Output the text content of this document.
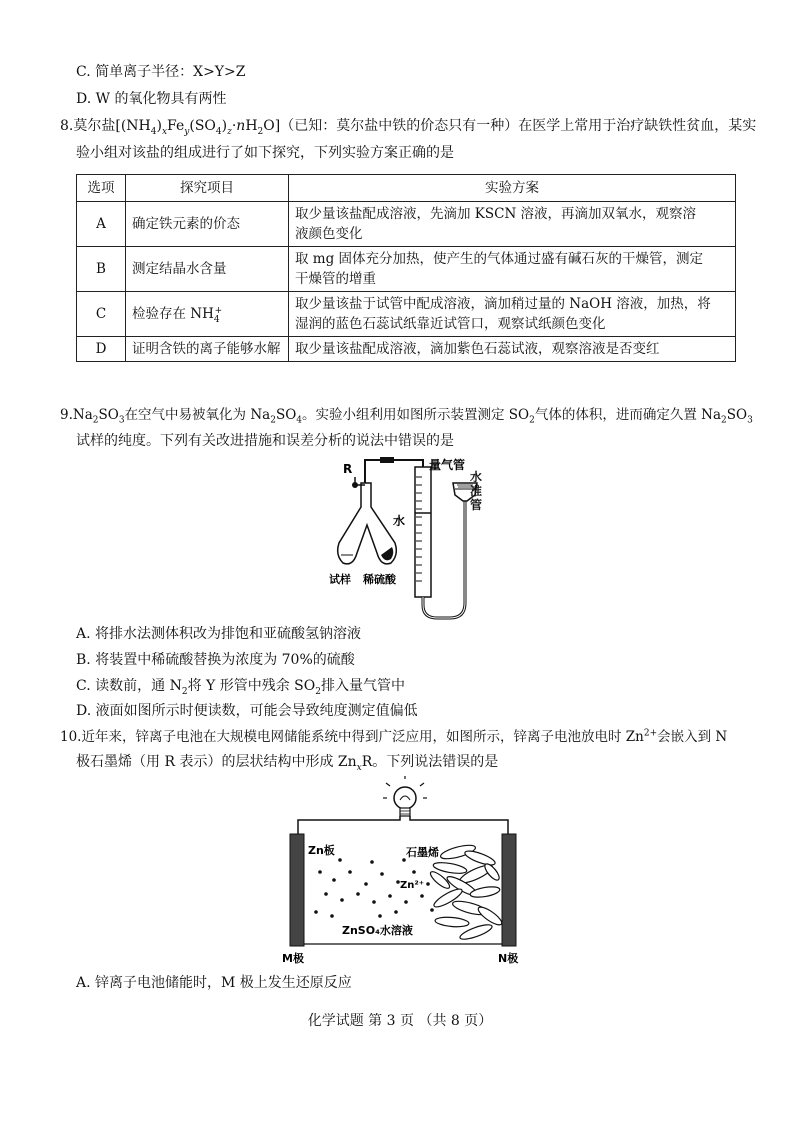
C. 简单离子半径：X>Y>Z
D. W 的氧化物具有两性
8.莫尔盐$[(NH_4)_xFe_y(SO_4)_z\cdot nH_2O]$（已知：莫尔盐中铁的价态只有一种）在医学上常用于治疗缺铁性贫血，某实
验小组对该盐的组成进行了如下探究，下列实验方案正确的是
选项	探究项目	实验方案
A	确定铁元素的价态	取少量该盐配成溶液，先滴加 KSCN 溶液，再滴加双氧水，观察溶
液颜色变化

B	测定结晶水含量	取 mg 固体充分加热，使产生的气体通过盛有碱石灰的干燥管，测定
干燥管的增重

C	检验存在 $NH_4^+$	取少量该盐于试管中配成溶液，滴加稍过量的 NaOH 溶液，加热，将
湿润的蓝色石蕊试纸靠近试管口，观察试纸颜色变化

D	证明含铁的离子能够水解	取少量该盐配成溶液，滴加紫色石蕊试液，观察溶液是否变红
$9.Na_2SO_3$在空气中易被氧化为 $Na_2SO_4$。实验小组利用如图所示装置测定 $SO_2$气体的体积，进而确定久置 $Na_2SO_3$
试样的纯度。下列有关改进措施和误差分析的说法中错误的是
R	量气管
水
试样 稀硫酸
水准管
A. 将排水法测体积改为排饱和亚硫酸氢钠溶液
B. 将装置中稀硫酸替换为浓度为 70%的硫酸
C. 读数前，通 $N_2$将 Y 形管中残余 $SO_2$排入量气管中
D. 液面如图所示时便读数，可能会导致纯度测定值偏低
10.近年来，锌离子电池在大规模电网储能系统中得到广泛应用，如图所示，锌离子电池放电时 $Zn^{2+}$会嵌入到 N
极石墨烯（用 R 表示）的层状结构中形成 $Zn_xR$。下列说法错误的是
Zn板	石墨烯
Zn²⁺
ZnSO₄水溶液
M极	N极
A. 锌离子电池储能时，M 极上发生还原反应
化学试题 第 3 页 （共 8 页）
